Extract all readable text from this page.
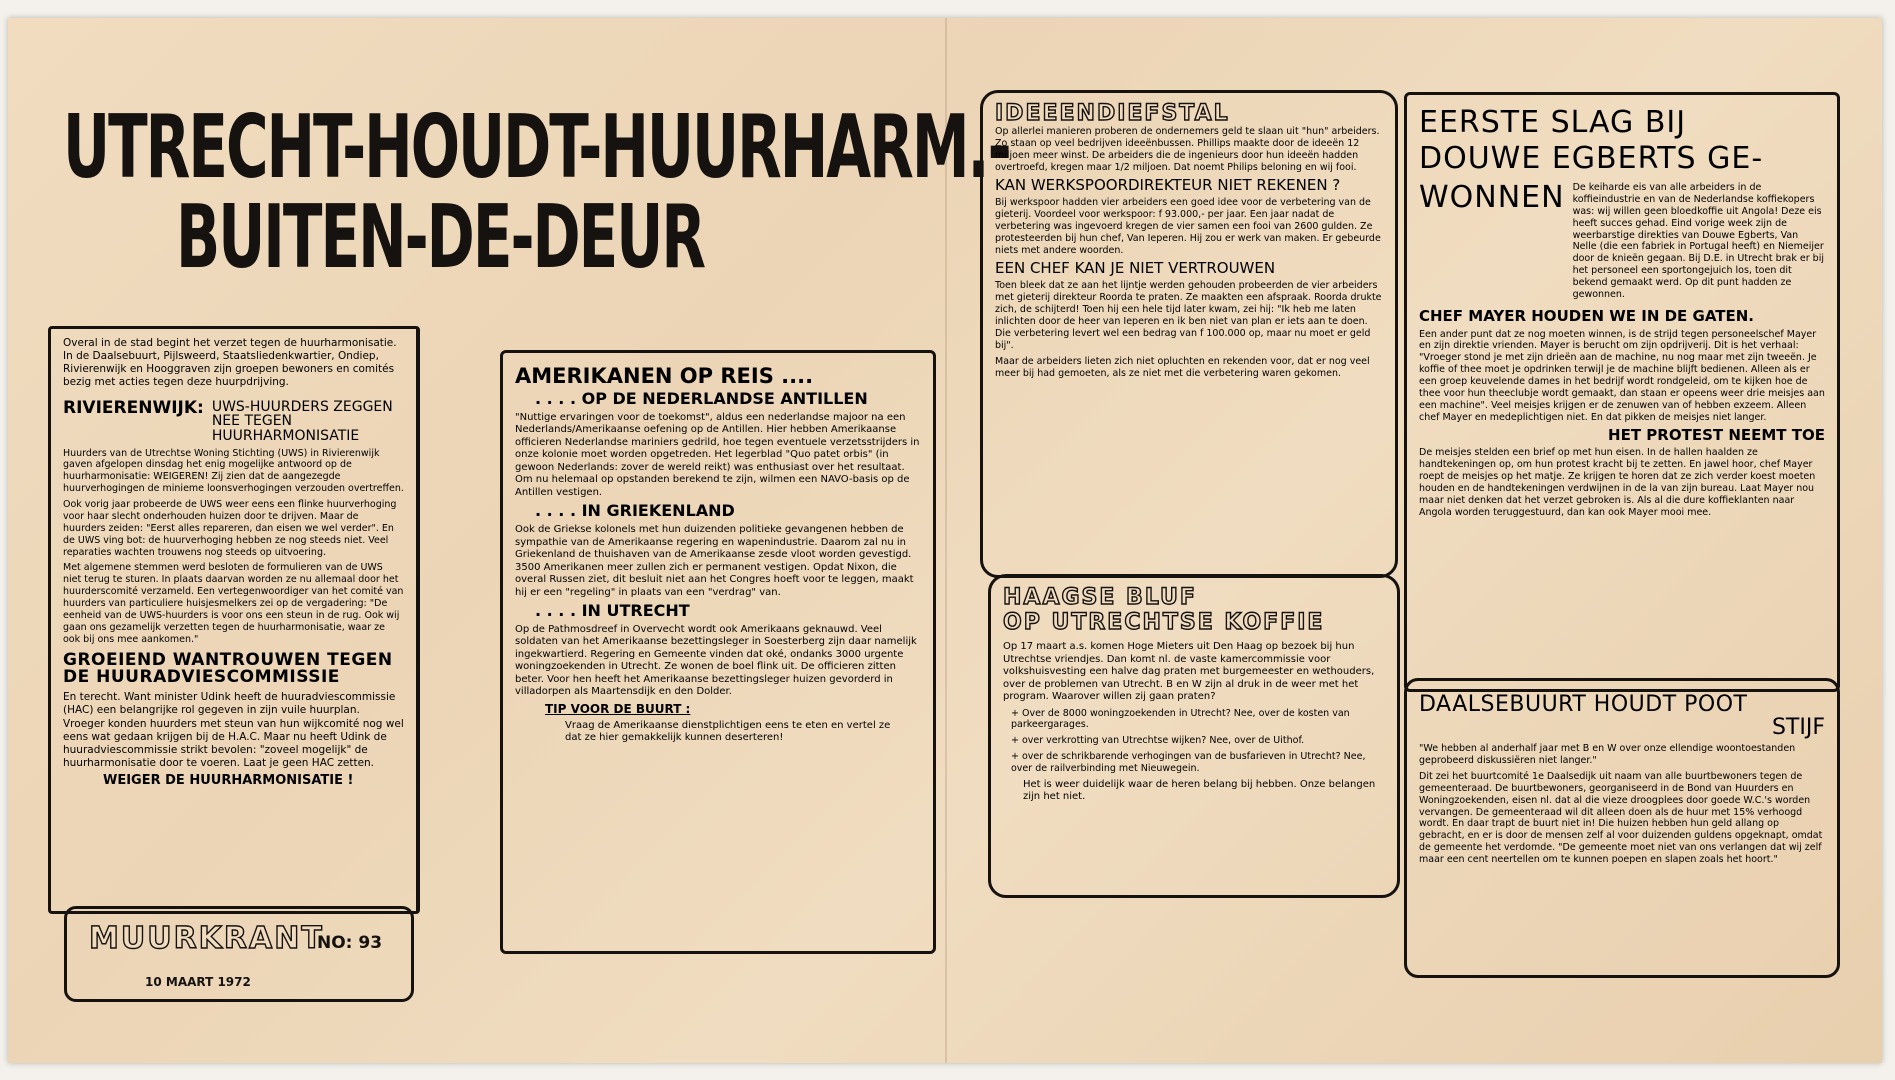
UTRECHT-HOUDT-HUURHARM.-
BUITEN-DE-DEUR

Overal in de stad begint het verzet tegen de huurharmonisatie. In de Daalsebuurt, Pijlsweerd, Staatsliedenkwartier, Ondiep, Rivierenwijk en Hooggraven zijn groepen bewoners en comités bezig met acties tegen deze huurpdrijving.

RIVIERENWIJK: UWS-HUURDERS ZEGGEN NEE TEGEN HUURHARMONISATIE

Huurders van de Utrechtse Woning Stichting (UWS) in Rivierenwijk gaven afgelopen dinsdag het enig mogelijke antwoord op de huurharmonisatie: WEIGEREN! Zij zien dat de aangezegde huurverhogingen de minieme loonsverhogingen verzouden overtreffen.

Ook vorig jaar probeerde de UWS weer eens een flinke huurverhoging voor haar slecht onderhouden huizen door te drijven. Maar de huurders zeiden: "Eerst alles repareren, dan eisen we wel verder". En de UWS ving bot: de huurverhoging hebben ze nog steeds niet. Veel reparaties wachten trouwens nog steeds op uitvoering.

Met algemene stemmen werd besloten de formulieren van de UWS niet terug te sturen. In plaats daarvan worden ze nu allemaal door het huurderscomité verzameld. Een vertegenwoordiger van het comité van huurders van particuliere huisjesmelkers zei op de vergadering: "De eenheid van de UWS-huurders is voor ons een steun in de rug. Ook wij gaan ons gezamelijk verzetten tegen de huurharmonisatie, waar ze ook bij ons mee aankomen."

GROEIEND WANTROUWEN TEGEN DE HUURADVIESCOMMISSIE

En terecht. Want minister Udink heeft de huuradviescommissie (HAC) een belangrijke rol gegeven in zijn vuile huurplan. Vroeger konden huurders met steun van hun wijkcomité nog wel eens wat gedaan krijgen bij de H.A.C. Maar nu heeft Udink de huuradviescommissie strikt bevolen: "zoveel mogelijk" de huurharmonisatie door te voeren. Laat je geen HAC zetten.

WEIGER DE HUURHARMONISATIE !
MUURKRANT
NO: 93
10 MAART 1972
AMERIKANEN OP REIS ....
. . . . OP DE NEDERLANDSE ANTILLEN

"Nuttige ervaringen voor de toekomst", aldus een nederlandse majoor na een Nederlands/Amerikaanse oefening op de Antillen. Hier hebben Amerikaanse officieren Nederlandse mariniers gedrild, hoe tegen eventuele verzetsstrijders in onze kolonie moet worden opgetreden. Het legerblad "Quo patet orbis" (in gewoon Nederlands: zover de wereld reikt) was enthusiast over het resultaat. Om nu helemaal op opstanden berekend te zijn, wilmen een NAVO-basis op de Antillen vestigen.

. . . . IN GRIEKENLAND

Ook de Griekse kolonels met hun duizenden politieke gevangenen hebben de sympathie van de Amerikaanse regering en wapenindustrie. Daarom zal nu in Griekenland de thuishaven van de Amerikaanse zesde vloot worden gevestigd. 3500 Amerikanen meer zullen zich er permanent vestigen. Opdat Nixon, die overal Russen ziet, dit besluit niet aan het Congres hoeft voor te leggen, maakt hij er een "regeling" in plaats van een "verdrag" van.

. . . . IN UTRECHT

Op de Pathmosdreef in Overvecht wordt ook Amerikaans geknauwd. Veel soldaten van het Amerikaanse bezettingsleger in Soesterberg zijn daar namelijk ingekwartierd. Regering en Gemeente vinden dat oké, ondanks 3000 urgente woningzoekenden in Utrecht. Ze wonen de boel flink uit. De officieren zitten beter. Voor hen heeft het Amerikaanse bezettingsleger huizen gevorderd in villadorpen als Maartensdijk en den Dolder.

TIP VOOR DE BUURT :

Vraag de Amerikaanse dienstplichtigen eens te eten en vertel ze dat ze hier gemakkelijk kunnen deserteren!

IDEEENDIEFSTAL

Op allerlei manieren proberen de ondernemers geld te slaan uit "hun" arbeiders. Zo staan op veel bedrijven ideeënbussen. Phillips maakte door de ideeën 12 miljoen meer winst. De arbeiders die de ingenieurs door hun ideeën hadden overtroefd, kregen maar 1/2 miljoen. Dat noemt Philips beloning en wij fooi.

KAN WERKSPOORDIREKTEUR NIET REKENEN ?

Bij werkspoor hadden vier arbeiders een goed idee voor de verbetering van de gieterij. Voordeel voor werkspoor: f 93.000,- per jaar. Een jaar nadat de verbetering was ingevoerd kregen de vier samen een fooi van 2600 gulden. Ze protesteerden bij hun chef, Van Ieperen. Hij zou er werk van maken. Er gebeurde niets met andere woorden.

EEN CHEF KAN JE NIET VERTROUWEN

Toen bleek dat ze aan het lijntje werden gehouden probeerden de vier arbeiders met gieterij direkteur Roorda te praten. Ze maakten een afspraak. Roorda drukte zich, de schijterd! Toen hij een hele tijd later kwam, zei hij: "Ik heb me laten inlichten door de heer van Ieperen en ik ben niet van plan er iets aan te doen. Die verbetering levert wel een bedrag van f 100.000 op, maar nu moet er geld bij".

Maar de arbeiders lieten zich niet opluchten en rekenden voor, dat er nog veel meer bij had gemoeten, als ze niet met die verbetering waren gekomen.

HAAGSE BLUF
OP UTRECHTSE KOFFIE

Op 17 maart a.s. komen Hoge Mieters uit Den Haag op bezoek bij hun Utrechtse vriendjes. Dan komt nl. de vaste kamercommissie voor volkshuisvesting een halve dag praten met burgemeester en wethouders, over de problemen van Utrecht. B en W zijn al druk in de weer met het program. Waarover willen zij gaan praten?

+ Over de 8000 woningzoekenden in Utrecht? Nee, over de kosten van parkeergarages.

+ over verkrotting van Utrechtse wijken? Nee, over de Uithof.

+ over de schrikbarende verhogingen van de busfarieven in Utrecht? Nee, over de railverbinding met Nieuwegein.

Het is weer duidelijk waar de heren belang bij hebben. Onze belangen zijn het niet.

EERSTE SLAG BIJ
DOUWE EGBERTS GE-
WONNEN De keiharde eis van alle arbeiders in de koffieindustrie en van de Nederlandse koffiekopers was: wij willen geen bloedkoffie uit Angola! Deze eis heeft succes gehad. Eind vorige week zijn de weerbarstige direkties van Douwe Egberts, Van Nelle (die een fabriek in Portugal heeft) en Niemeijer door de knieën gegaan. Bij D.E. in Utrecht brak er bij het personeel een sportongejuich los, toen dit bekend gemaakt werd. Op dit punt hadden ze gewonnen.

CHEF MAYER HOUDEN WE IN DE GATEN.

Een ander punt dat ze nog moeten winnen, is de strijd tegen personeelschef Mayer en zijn direktie vrienden. Mayer is berucht om zijn opdrijverij. Dit is het verhaal: "Vroeger stond je met zijn drieën aan de machine, nu nog maar met zijn tweeën. Je koffie of thee moet je opdrinken terwijl je de machine blijft bedienen. Alleen als er een groep keuvelende dames in het bedrijf wordt rondgeleid, om te kijken hoe de thee voor hun theeclubje wordt gemaakt, dan staan er opeens weer drie meisjes aan een machine". Veel meisjes krijgen er de zenuwen van of hebben exzeem. Alleen chef Mayer en medeplichtigen niet. En dat pikken de meisjes niet langer.

HET PROTEST NEEMT TOE

De meisjes stelden een brief op met hun eisen. In de hallen haalden ze handtekeningen op, om hun protest kracht bij te zetten. En jawel hoor, chef Mayer roept de meisjes op het matje. Ze krijgen te horen dat ze zich verder koest moeten houden en de handtekeningen verdwijnen in de la van zijn bureau. Laat Mayer nou maar niet denken dat het verzet gebroken is. Als al die dure koffieklanten naar Angola worden teruggestuurd, dan kan ook Mayer mooi mee.

DAALSEBUURT HOUDT POOT
STIJF

"We hebben al anderhalf jaar met B en W over onze ellendige woontoestanden geprobeerd diskussiëren niet langer."

Dit zei het buurtcomité 1e Daalsedijk uit naam van alle buurtbewoners tegen de gemeenteraad. De buurtbewoners, georganiseerd in de Bond van Huurders en Woningzoekenden, eisen nl. dat al die vieze droogplees door goede W.C.'s worden vervangen. De gemeenteraad wil dit alleen doen als de huur met 15% verhoogd wordt. En daar trapt de buurt niet in! Die huizen hebben hun geld allang op gebracht, en er is door de mensen zelf al voor duizenden guldens opgeknapt, omdat de gemeente het verdomde. "De gemeente moet niet van ons verlangen dat wij zelf maar een cent neertellen om te kunnen poepen en slapen zoals het hoort."
